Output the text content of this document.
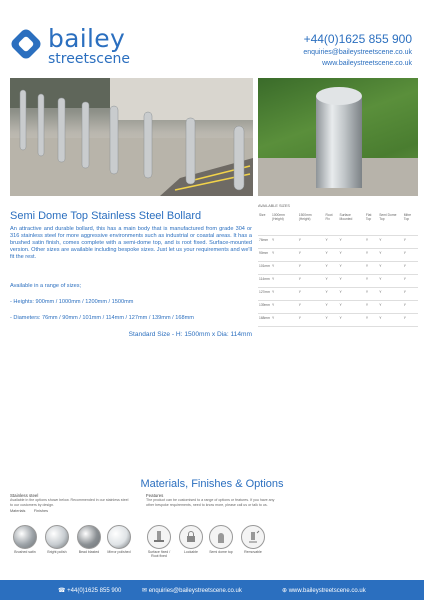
bailey
streetscene
+44(0)1625 855 900
enquiries@baileystreetscene.co.uk
www.baileystreetscene.co.uk
Semi Dome Top Stainless Steel Bollard
An attractive and durable bollard, this has a main body that is manufactured from grade 304 or 316 stainless steel for more aggressive environments such as industrial or coastal areas. It has a brushed satin finish, comes complete with a semi-dome top, and is root fixed. Surface-mounted version. Other sizes are available including bespoke sizes. Just let us your requirements and we'll fit the rest.
Available in a range of sizes;
- Heights: 900mm / 1000mm / 1200mm / 1500mm
- Diameters: 76mm / 90mm / 101mm / 114mm / 127mm / 139mm / 168mm
Standard Size - H: 1500mm x Dia: 114mm
AVAILABLE SIZES
Size	1000mm (Height)	1500mm (Height)	Root Fix	Surface Mounted	Flat Top	Semi Dome Top	Mitre Top
76mm	Y	Y	Y	Y	Y	Y	Y
90mm	Y	Y	Y	Y	Y	Y	Y
101mm	Y	Y	Y	Y	Y	Y	Y
114mm	Y	Y	Y	Y	Y	Y	Y
127mm	Y	Y	Y	Y	Y	Y	Y
139mm	Y	Y	Y	Y	Y	Y	Y
168mm	Y	Y	Y	Y	Y	Y	Y
Materials, Finishes & Options
Stainless steel
Available in the options shown below. Recommended in our stainless steel to our customers by design.
Materials Finishes
Features
The product can be customised to a range of options or features. If you have any other bespoke requirements, need to know more, please call us or talk to us.
Brushed satin	Bright polish	Bead blasted	Mirror polished	Surface fixed / Root fixed
Lockable	Semi dome top	Removable
☎ +44(0)1625 855 900	✉ enquiries@baileystreetscene.co.uk	⊕ www.baileystreetscene.co.uk
